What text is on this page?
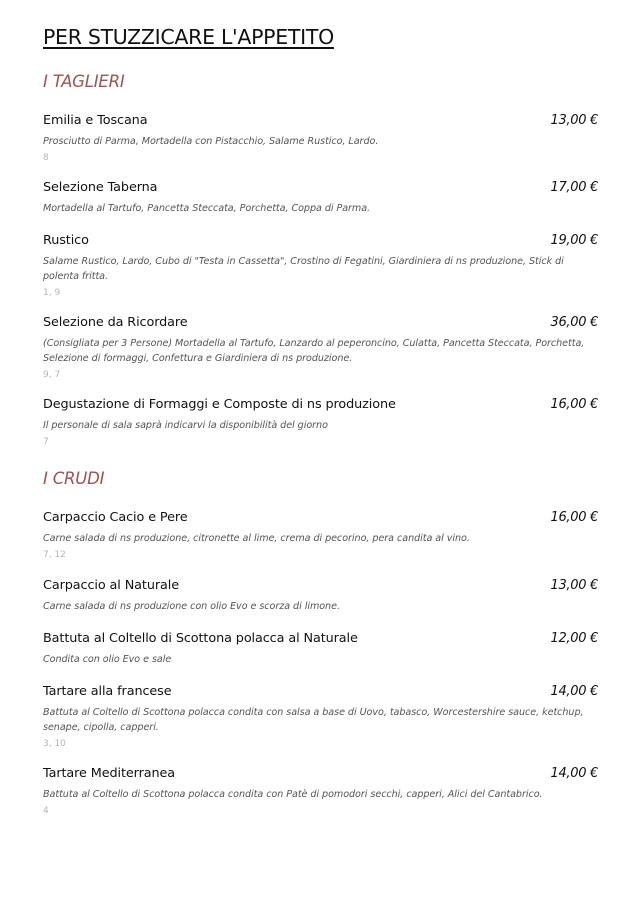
PER STUZZICARE L'APPETITO
I TAGLIERI
Emilia e Toscana	13,00 €
Prosciutto di Parma, Mortadella con Pistacchio, Salame Rustico, Lardo.
8
Selezione Taberna	17,00 €
Mortadella al Tartufo, Pancetta Steccata, Porchetta, Coppa di Parma.
Rustico	19,00 €
Salame Rustico, Lardo, Cubo di "Testa in Cassetta", Crostino di Fegatini, Giardiniera di ns produzione, Stick di polenta fritta.
1, 9
Selezione da Ricordare	36,00 €
(Consigliata per 3 Persone) Mortadella al Tartufo, Lanzardo al peperoncino, Culatta, Pancetta Steccata, Porchetta, Selezione di formaggi, Confettura e Giardiniera di ns produzione.
9, 7
Degustazione di Formaggi e Composte di ns produzione	16,00 €
Il personale di sala saprà indicarvi la disponibilità del giorno
7
I CRUDI
Carpaccio Cacio e Pere	16,00 €
Carne salada di ns produzione, citronette al lime, crema di pecorino, pera candita al vino.
7, 12
Carpaccio al Naturale	13,00 €
Carne salada di ns produzione con olio Evo e scorza di limone.
Battuta al Coltello di Scottona polacca al Naturale	12,00 €
Condita con olio Evo e sale
Tartare alla francese	14,00 €
Battuta al Coltello di Scottona polacca condita con salsa a base di Uovo, tabasco, Worcestershire sauce, ketchup, senape, cipolla, capperi.
3, 10
Tartare Mediterranea	14,00 €
Battuta al Coltello di Scottona polacca condita con Patè di pomodori secchi, capperi, Alici del Cantabrico.
4
